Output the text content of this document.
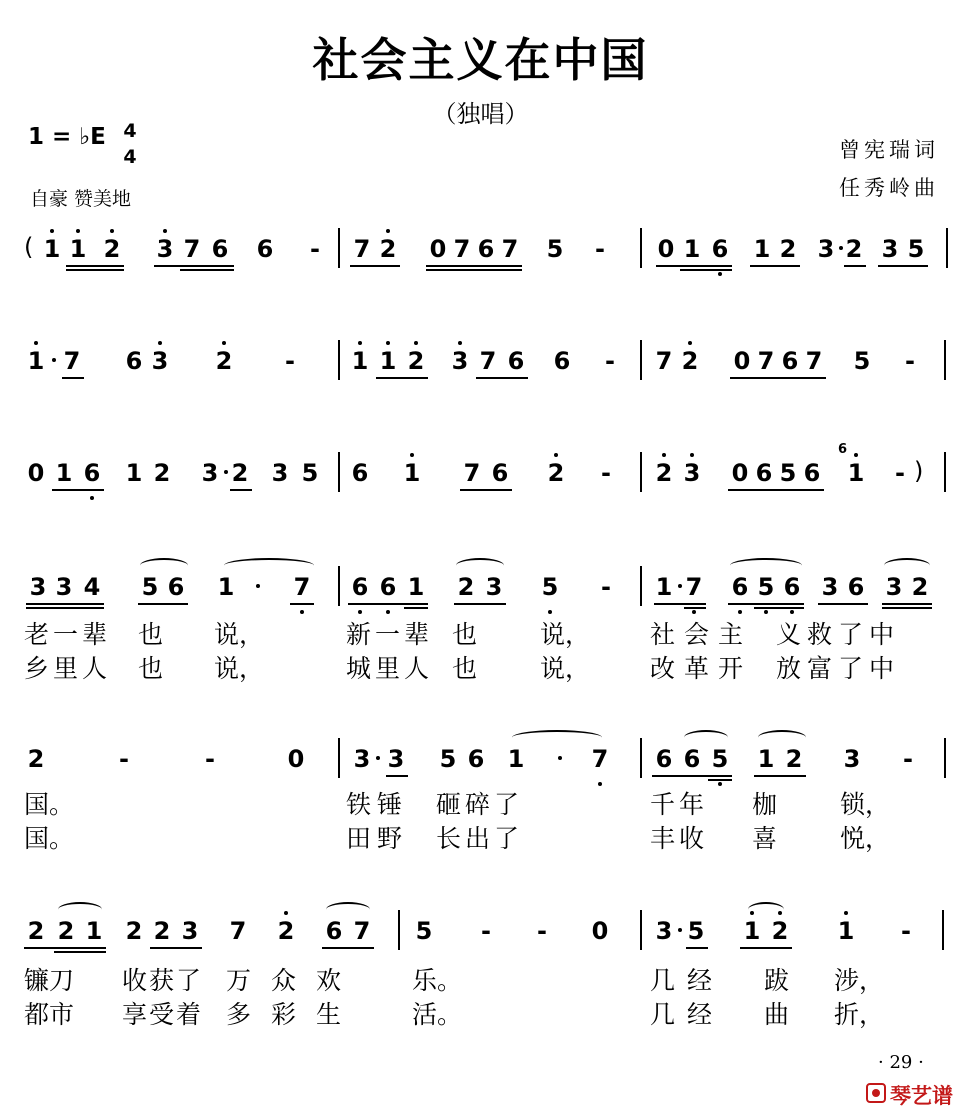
社会主义在中国
（独唱）
1 = ♭E 4
4
自豪 赞美地
曾宪瑞词
任秀岭曲
( 1 1 2 3 7 6 6 - 7 2 0 7 6 7 5 - 0 1 6 1 2 3 2 3 5
1 7 6 3 2 - 1 1 2 3 7 6 6 - 7 2 0 7 6 7 5 -
0 1 6 1 2 3 2 3 5 6 1 7 6 2 - 2 3 0 6 5 6
6
1 - )
3 3 4 5 6 1 7 6 6 1 2 3 5 - 1 7 6 5 6 3 6 3 2
老一辈 也 说，	新一辈 也	说， 社会主 义救了中
乡里人 也 说，	城里人 也	说， 改革开 放富了中
2	-	-	0 3 3 5 6 1	7 6 6 5 1 2 3 -
国。	铁锤 砸碎了	千年 枷	锁，
国。	田野 长出了	丰收 喜	悦，
2 2 1 2 2 3 7 2 6 7 5 - - 0 3 5 1 2 1 -
镰刀 收获了 万众欢 乐。	几经 跋 涉，
都市 享受着 多彩生 活。	几经 曲 折，
· 29 ·
琴艺谱
